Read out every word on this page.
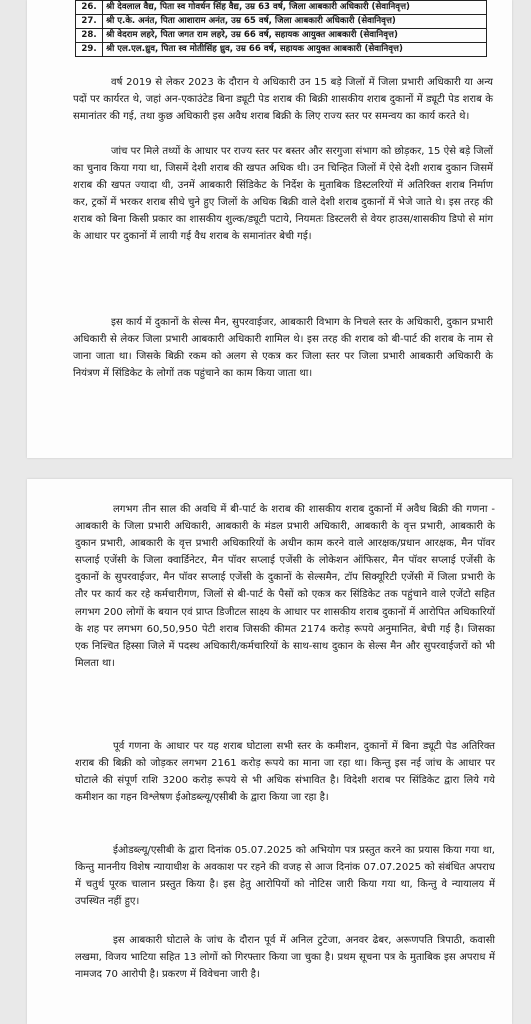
26.	श्री देवलाल वैद्य, पिता स्व गोवर्धन सिंह वैद्य, उम्र 63 वर्ष, जिला आबकारी अधिकारी (सेवानिवृत्त)
27.	श्री ए.के. अनंत, पिता आशाराम अनंत, उम्र 65 वर्ष, जिला आबकारी अधिकारी (सेवानिवृत्त)
28.	श्री वेदराम लहरे, पिता जगत राम लहरे, उम्र 66 वर्ष, सहायक आयुक्त आबकारी (सेवानिवृत्त)
29.	श्री एल.एल.ध्रुव, पिता स्व मोतीसिंह ध्रुव, उम्र 66 वर्ष, सहायक आयुक्त आबकारी (सेवानिवृत्त)

वर्ष 2019 से लेकर 2023 के दौरान ये अधिकारी उन 15 बड़े जिलों में जिला प्रभारी अधिकारी या अन्य पदों पर कार्यरत थे, जहां अन-एकाउंटेड बिना ड्यूटी पेड शराब की बिक्री शासकीय शराब दुकानों में ड्यूटी पेड शराब के समानांतर की गई, तथा कुछ अधिकारी इस अवैध शराब बिक्री के लिए राज्य स्तर पर समन्वय का कार्य करते थे।

जांच पर मिले तथ्यों के आधार पर राज्य स्तर पर बस्तर और सरगुजा संभाग को छोड़कर, 15 ऐसे बड़े जिलों का चुनाव किया गया था, जिसमें देशी शराब की खपत अधिक थी। उन चिन्हित जिलों में ऐसे देशी शराब दुकान जिसमें शराब की खपत ज्यादा थी, उनमें आबकारी सिंडिकेट के निर्देश के मुताबिक डिस्टलरियों में अतिरिक्त शराब निर्माण कर, ट्रकों में भरकर शराब सीधे चुने हुए जिलों के अधिक बिक्री वाले देशी शराब दुकानों में भेजे जाते थे। इस तरह की शराब को बिना किसी प्रकार का शासकीय शुल्क/ड्यूटी पटाये, नियमतः डिस्टलरी से वेयर हाउस/शासकीय डिपो से मांग के आधार पर दुकानों में लायी गई वैध शराब के समानांतर बेची गई।

इस कार्य में दुकानों के सेल्स मैन, सुपरवाईजर, आबकारी विभाग के निचले स्तर के अधिकारी, दुकान प्रभारी अधिकारी से लेकर जिला प्रभारी आबकारी अधिकारी शामिल थे। इस तरह की शराब को बी-पार्ट की शराब के नाम से जाना जाता था। जिसके बिक्री रकम को अलग से एकत्र कर जिला स्तर पर जिला प्रभारी आबकारी अधिकारी के नियंत्रण में सिंडिकेट के लोगों तक पहुंचाने का काम किया जाता था।

लगभग तीन साल की अवधि में बी-पार्ट के शराब की शासकीय शराब दुकानों में अवैध बिक्री की गणना - आबकारी के जिला प्रभारी अधिकारी, आबकारी के मंडल प्रभारी अधिकारी, आबकारी के वृत्त प्रभारी, आबकारी के दुकान प्रभारी, आबकारी के वृत्त प्रभारी अधिकारियों के अधीन काम करने वाले आरक्षक/प्रधान आरक्षक, मैन पॉवर सप्लाई एजेंसी के जिला क्वार्डिनेटर, मैन पॉवर सप्लाई एजेंसी के लोकेशन ऑफिसर, मैन पॉवर सप्लाई एजेंसी के दुकानों के सुपरवाईजर, मैन पॉवर सप्लाई एजेंसी के दुकानों के सेल्समैन, टॉप सिक्यूरिटी एजेंसी में जिला प्रभारी के तौर पर कार्य कर रहे कर्मचारीगण, जिलों से बी-पार्ट के पैसों को एकत्र कर सिंडिकेट तक पहुंचाने वाले एजेंटो सहित लगभग 200 लोगों के बयान एवं प्राप्त डिजीटल साक्ष्य के आधार पर शासकीय शराब दुकानों में आरोपित अधिकारियों के शह पर लगभग 60,50,950 पेटी शराब जिसकी कीमत 2174 करोड़ रूपये अनुमानित, बेची गई है। जिसका एक निश्चित हिस्सा जिले में पदस्थ अधिकारी/कर्मचारियों के साथ-साथ दुकान के सेल्स मैन और सुपरवाईजरों को भी मिलता था।

पूर्व गणना के आधार पर यह शराब घोटाला सभी स्तर के कमीशन, दुकानों में बिना ड्यूटी पेड अतिरिक्त शराब की बिक्री को जोड़कर लगभग 2161 करोड़ रूपये का माना जा रहा था। किन्तु इस नई जांच के आधार पर घोटाले की संपूर्ण राशि 3200 करोड़ रूपये से भी अधिक संभावित है। विदेशी शराब पर सिंडिकेट द्वारा लिये गये कमीशन का गहन विश्लेषण ईओडब्ल्यू/एसीबी के द्वारा किया जा रहा है।

ईओडब्ल्यू/एसीबी के द्वारा दिनांक 05.07.2025 को अभियोग पत्र प्रस्तुत करने का प्रयास किया गया था, किन्तु माननीय विशेष न्यायाधीश के अवकाश पर रहने की वजह से आज दिनांक 07.07.2025 को संबंधित अपराध में चतुर्थ पूरक चालान प्रस्तुत किया है। इस हेतु आरोपियों को नोटिस जारी किया गया था, किन्तु वे न्यायालय में उपस्थित नहीं हुए।

इस आबकारी घोटाले के जांच के दौरान पूर्व में अनिल टुटेजा, अनवर ढेबर, अरूणपति त्रिपाठी, कवासी लखमा, विजय भाटिया सहित 13 लोगों को गिरफ्तार किया जा चुका है। प्रथम सूचना पत्र के मुताबिक इस अपराध में नामजद 70 आरोपी है। प्रकरण में विवेचना जारी है।
